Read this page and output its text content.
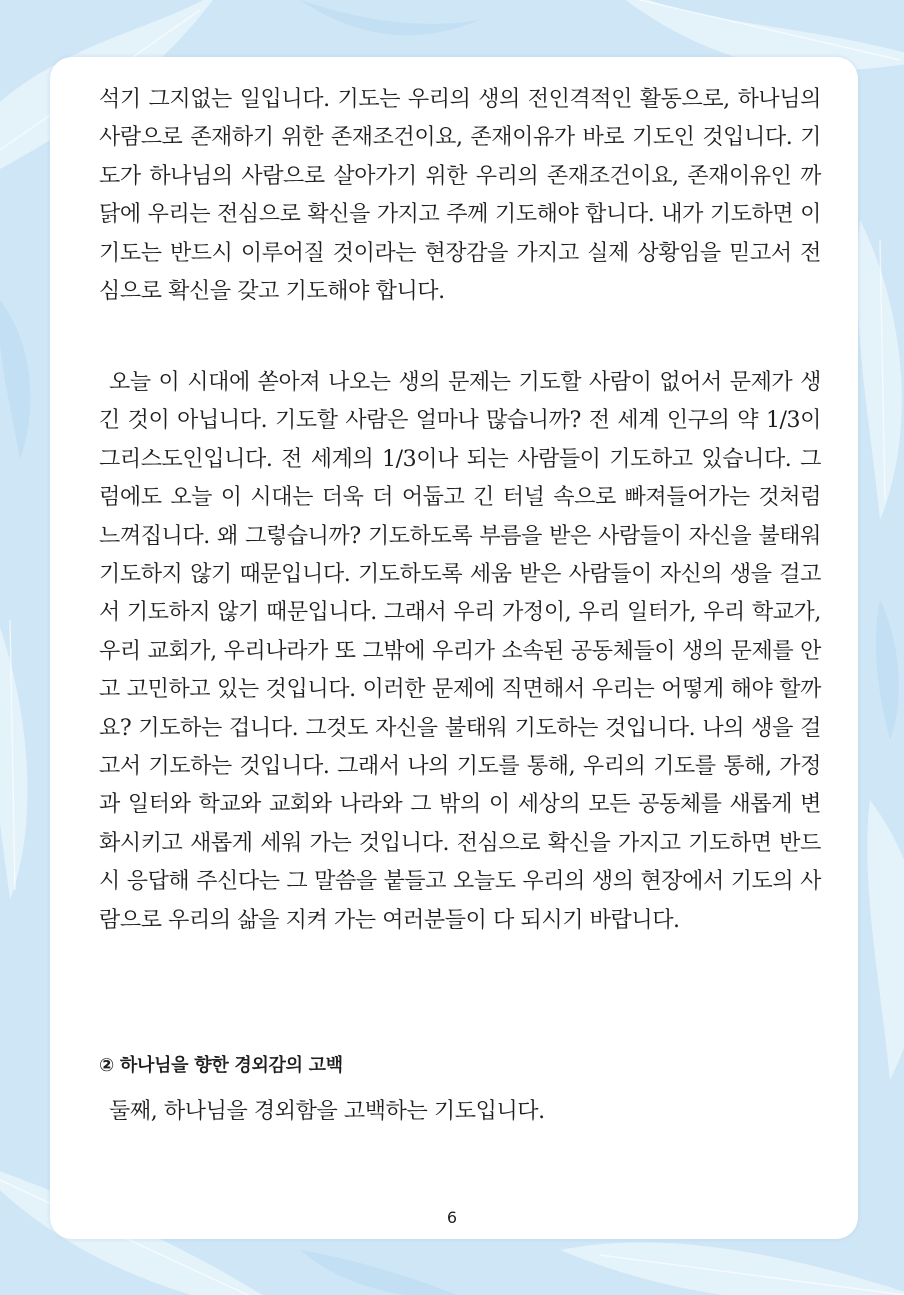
석기 그지없는 일입니다. 기도는 우리의 생의 전인격적인 활동으로, 하나님의 사람으로 존재하기 위한 존재조건이요, 존재이유가 바로 기도인 것입니다. 기도가 하나님의 사람으로 살아가기 위한 우리의 존재조건이요, 존재이유인 까닭에 우리는 전심으로 확신을 가지고 주께 기도해야 합니다. 내가 기도하면 이 기도는 반드시 이루어질 것이라는 현장감을 가지고 실제 상황임을 믿고서 전심으로 확신을 갖고 기도해야 합니다.

오늘 이 시대에 쏟아져 나오는 생의 문제는 기도할 사람이 없어서 문제가 생긴 것이 아닙니다. 기도할 사람은 얼마나 많습니까? 전 세계 인구의 약 1/3이 그리스도인입니다. 전 세계의 1/3이나 되는 사람들이 기도하고 있습니다. 그럼에도 오늘 이 시대는 더욱 더 어둡고 긴 터널 속으로 빠져들어가는 것처럼 느껴집니다. 왜 그렇습니까? 기도하도록 부름을 받은 사람들이 자신을 불태워 기도하지 않기 때문입니다. 기도하도록 세움 받은 사람들이 자신의 생을 걸고서 기도하지 않기 때문입니다. 그래서 우리 가정이, 우리 일터가, 우리 학교가, 우리 교회가, 우리나라가 또 그밖에 우리가 소속된 공동체들이 생의 문제를 안고 고민하고 있는 것입니다. 이러한 문제에 직면해서 우리는 어떻게 해야 할까요? 기도하는 겁니다. 그것도 자신을 불태워 기도하는 것입니다. 나의 생을 걸고서 기도하는 것입니다. 그래서 나의 기도를 통해, 우리의 기도를 통해, 가정과 일터와 학교와 교회와 나라와 그 밖의 이 세상의 모든 공동체를 새롭게 변화시키고 새롭게 세워 가는 것입니다. 전심으로 확신을 가지고 기도하면 반드시 응답해 주신다는 그 말씀을 붙들고 오늘도 우리의 생의 현장에서 기도의 사람으로 우리의 삶을 지켜 가는 여러분들이 다 되시기 바랍니다.

② 하나님을 향한 경외감의 고백

둘째, 하나님을 경외함을 고백하는 기도입니다.

6
